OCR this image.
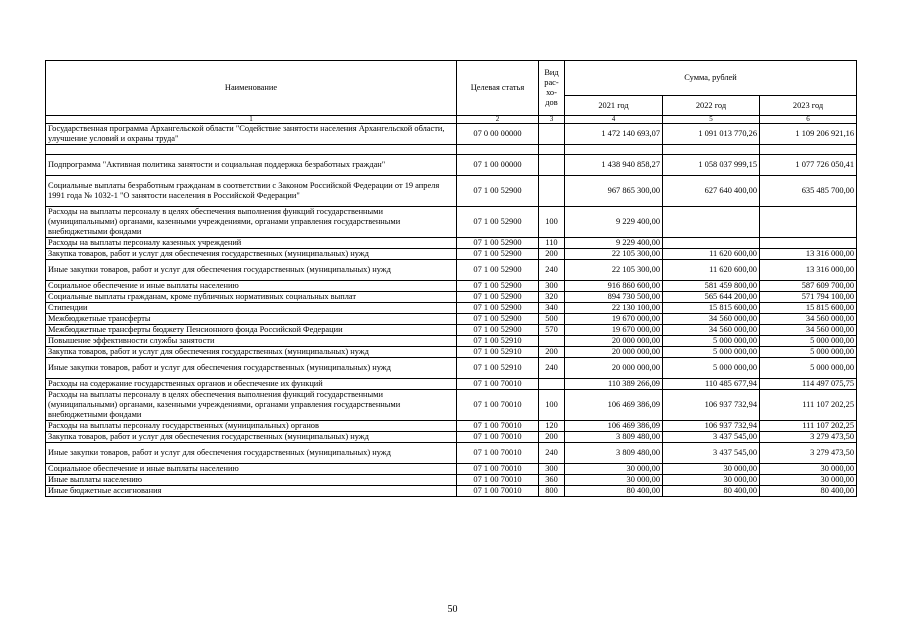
Наименование	Целевая статья	Вид рас- хо- дов	Сумма, рублей		
			2021 год	2022 год	2023 год
1	2	3	4	5	6
Государственная программа Архангельской области "Содействие занятости населения Архангельской области, улучшение условий и охраны труда"	07 0 00 00000		1 472 140 693,07	1 091 013 770,26	1 109 206 921,16

Подпрограмма "Активная политика занятости и социальная поддержка безработных граждан"	07 1 00 00000		1 438 940 858,27	1 058 037 999,15	1 077 726 050,41
Социальные выплаты безработным гражданам в соответствии с Законом Российской Федерации от 19 апреля 1991 года № 1032-1 "О занятости населения в Российской Федерации"	07 1 00 52900		967 865 300,00	627 640 400,00	635 485 700,00
Расходы на выплаты персоналу в целях обеспечения выполнения функций государственными (муниципальными) органами, казенными учреждениями, органами управления государственными внебюджетными фондами	07 1 00 52900	100	9 229 400,00		
Расходы на выплаты персоналу казенных учреждений	07 1 00 52900	110	9 229 400,00		
Закупка товаров, работ и услуг для обеспечения государственных (муниципальных) нужд	07 1 00 52900	200	22 105 300,00	11 620 600,00	13 316 000,00
Иные закупки товаров, работ и услуг для обеспечения государственных (муниципальных) нужд	07 1 00 52900	240	22 105 300,00	11 620 600,00	13 316 000,00
Социальное обеспечение и иные выплаты населению	07 1 00 52900	300	916 860 600,00	581 459 800,00	587 609 700,00
Социальные выплаты гражданам, кроме публичных нормативных социальных выплат	07 1 00 52900	320	894 730 500,00	565 644 200,00	571 794 100,00
Стипендии	07 1 00 52900	340	22 130 100,00	15 815 600,00	15 815 600,00
Межбюджетные трансферты	07 1 00 52900	500	19 670 000,00	34 560 000,00	34 560 000,00
Межбюджетные трансферты бюджету Пенсионного фонда Российской Федерации	07 1 00 52900	570	19 670 000,00	34 560 000,00	34 560 000,00
Повышение эффективности службы занятости	07 1 00 52910		20 000 000,00	5 000 000,00	5 000 000,00
Закупка товаров, работ и услуг для обеспечения государственных (муниципальных) нужд	07 1 00 52910	200	20 000 000,00	5 000 000,00	5 000 000,00
Иные закупки товаров, работ и услуг для обеспечения государственных (муниципальных) нужд	07 1 00 52910	240	20 000 000,00	5 000 000,00	5 000 000,00
Расходы на содержание государственных органов и обеспечение их функций	07 1 00 70010		110 389 266,09	110 485 677,94	114 497 075,75
Расходы на выплаты персоналу в целях обеспечения выполнения функций государственными (муниципальными) органами, казенными учреждениями, органами управления государственными внебюджетными фондами	07 1 00 70010	100	106 469 386,09	106 937 732,94	111 107 202,25
Расходы на выплаты персоналу государственных (муниципальных) органов	07 1 00 70010	120	106 469 386,09	106 937 732,94	111 107 202,25
Закупка товаров, работ и услуг для обеспечения государственных (муниципальных) нужд	07 1 00 70010	200	3 809 480,00	3 437 545,00	3 279 473,50
Иные закупки товаров, работ и услуг для обеспечения государственных (муниципальных) нужд	07 1 00 70010	240	3 809 480,00	3 437 545,00	3 279 473,50
Социальное обеспечение и иные выплаты населению	07 1 00 70010	300	30 000,00	30 000,00	30 000,00
Иные выплаты населению	07 1 00 70010	360	30 000,00	30 000,00	30 000,00
Иные бюджетные ассигнования	07 1 00 70010	800	80 400,00	80 400,00	80 400,00
50
